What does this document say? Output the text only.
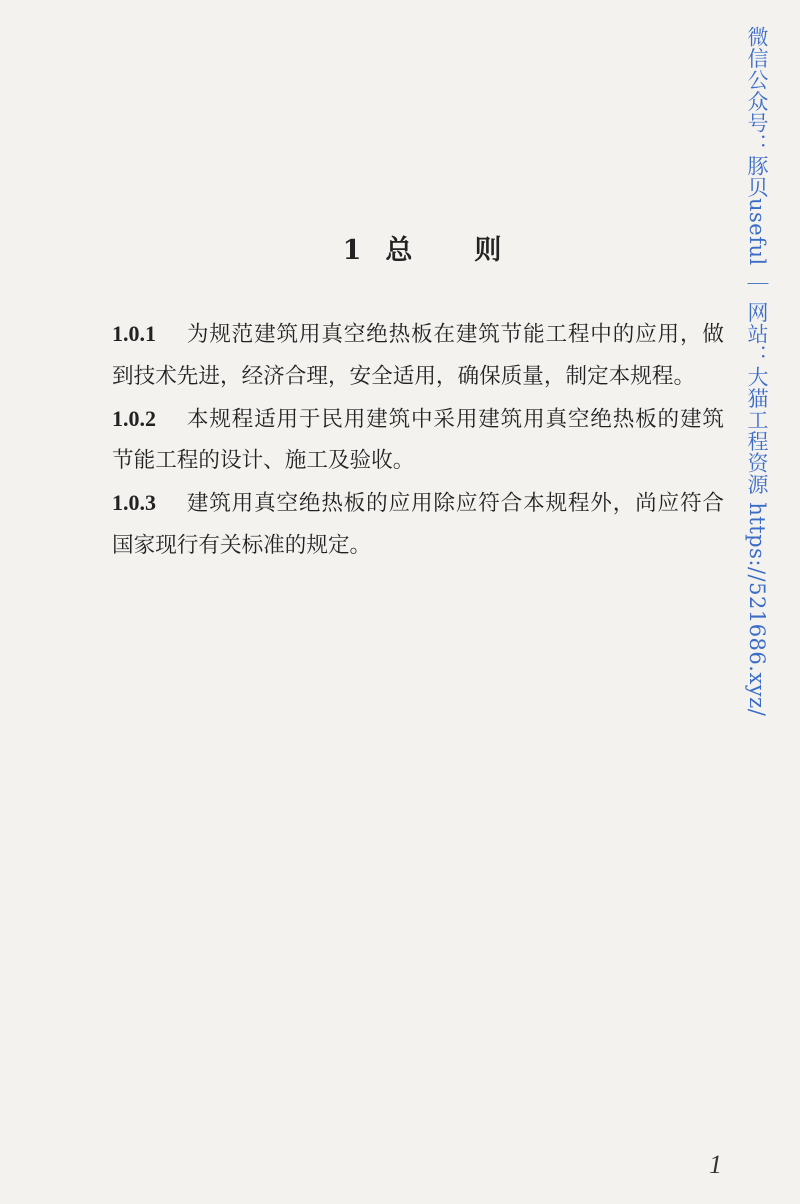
1 总 则

1.0.1 为规范建筑用真空绝热板在建筑节能工程中的应用，做

到技术先进，经济合理，安全适用，确保质量，制定本规程。

1.0.2 本规程适用于民用建筑中采用建筑用真空绝热板的建筑

节能工程的设计、施工及验收。

1.0.3 建筑用真空绝热板的应用除应符合本规程外，尚应符合

国家现行有关标准的规定。	微信公众号：豚贝useful ｜ 网站：大猫工程资源 https://521686.xyz/
1
